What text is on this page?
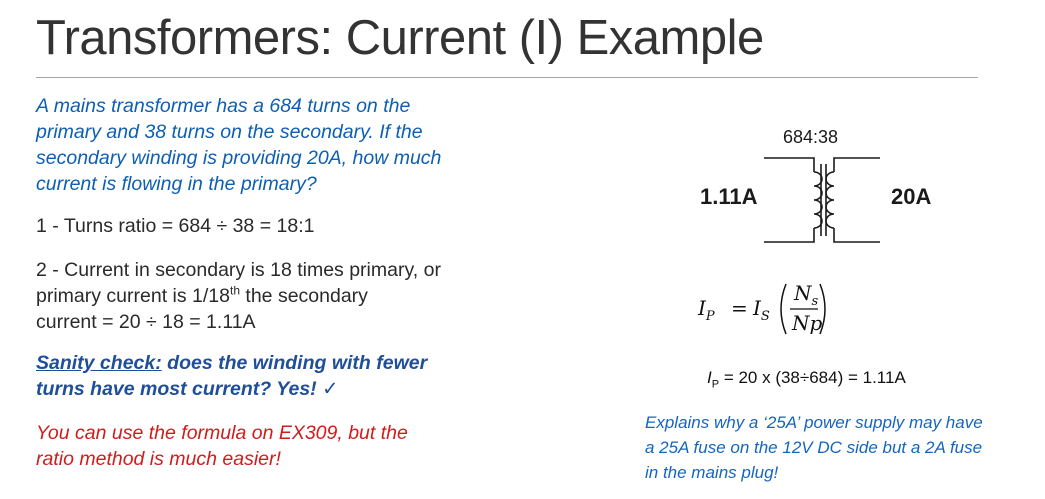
Transformers: Current (I) Example
A mains transformer has a 684 turns on the
primary and 38 turns on the secondary. If the
secondary winding is providing 20A, how much
current is flowing in the primary?
1 - Turns ratio = 684 ÷ 38 = 18:1
2 - Current in secondary is 18 times primary, or
primary current is 1/18th the secondary
current = 20 ÷ 18 = 1.11A
Sanity check: does the winding with fewer
turns have most current? Yes! ✓
You can use the formula on EX309, but the
ratio method is much easier!
684:38
1.11A	20A
$I_P = I_S$
$N_s$
Np
$I_P = 20$ x (38÷684) = 1.11A
Explains why a ‘25A’ power supply may have
a 25A fuse on the 12V DC side but a 2A fuse
in the mains plug!
